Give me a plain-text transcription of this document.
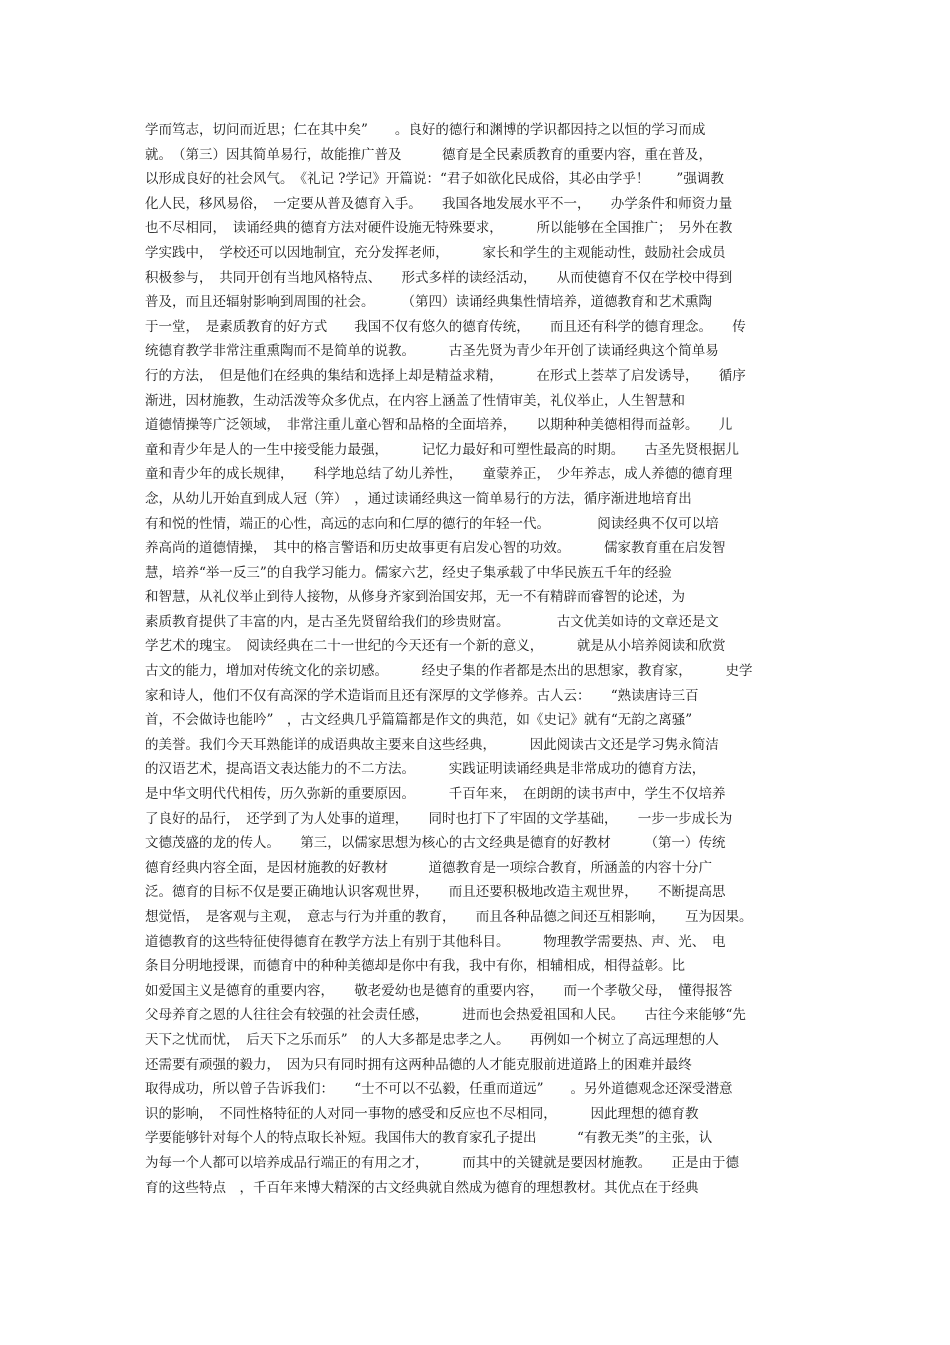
学而笃志，切问而近思；仁在其中矣”　　。良好的德行和渊博的学识都因持之以恒的学习而成
就。　（第三）因其简单易行，故能推广普及　　　德育是全民素质教育的重要内容，重在普及，
以形成良好的社会风气。　《礼记 ?学记》开篇说：“君子如欲化民成俗，其必由学乎！　　”强调教
化人民，移风易俗，　一定要从普及德育入手。　　我国各地发展水平不一，　　办学条件和师资力量
也不尽相同，　读诵经典的德育方法对硬件设施无特殊要求，　　　所以能够在全国推广；　另外在教
学实践中，　学校还可以因地制宜，充分发挥老师，　　　家长和学生的主观能动性，鼓励社会成员
积极参与，　共同开创有当地风格特点、　　形式多样的读经活动，　　从而使德育不仅在学校中得到
普及，而且还辐射影响到周围的社会。　　　（第四）读诵经典集性情培养，道德教育和艺术熏陶
于一堂，　是素质教育的好方式　　我国不仅有悠久的德育传统，　　而且还有科学的德育理念。　　传
统德育教学非常注重熏陶而不是简单的说教。　　　古圣先贤为青少年开创了读诵经典这个简单易
行的方法，　但是他们在经典的集结和选择上却是精益求精，　　　在形式上荟萃了启发诱导，　　循序
渐进，因材施教，生动活泼等众多优点，在内容上涵盖了性情审美，礼仪举止，人生智慧和
道德情操等广泛领域，　非常注重儿童心智和品格的全面培养，　　以期种种美德相得而益彰。　　儿
童和青少年是人的一生中接受能力最强，　　　记忆力最好和可塑性最高的时期。　　古圣先贤根据儿
童和青少年的成长规律，　　科学地总结了幼儿养性，　　童蒙养正，　少年养志，成人养德的德育理
念，从幼儿开始直到成人冠（笄）　，通过读诵经典这一简单易行的方法，循序渐进地培育出
有和悦的性情，端正的心性，高远的志向和仁厚的德行的年轻一代。　　　　阅读经典不仅可以培
养高尚的道德情操，　其中的格言警语和历史故事更有启发心智的功效。　　　儒家教育重在启发智
慧，培养“举一反三”的自我学习能力。儒家六艺，经史子集承载了中华民族五千年的经验
和智慧，从礼仪举止到待人接物，从修身齐家到治国安邦，无一不有精辟而睿智的论述，为
素质教育提供了丰富的内，是古圣先贤留给我们的珍贵财富。　　　　古文优美如诗的文章还是文
学艺术的瑰宝。　阅读经典在二十一世纪的今天还有一个新的意义，　　　就是从小培养阅读和欣赏
古文的能力，增加对传统文化的亲切感。　　　经史子集的作者都是杰出的思想家，教育家，　　　史学
家和诗人，他们不仅有高深的学术造诣而且还有深厚的文学修养。古人云：　　“熟读唐诗三百
首，不会做诗也能吟”　，古文经典几乎篇篇都是作文的典范，如《史记》就有“无韵之离骚”
的美誉。我们今天耳熟能详的成语典故主要来自这些经典，　　　因此阅读古文还是学习隽永简洁
的汉语艺术，提高语文表达能力的不二方法。　　　实践证明读诵经典是非常成功的德育方法，
是中华文明代代相传，历久弥新的重要原因。　　　千百年来，　在朗朗的读书声中，学生不仅培养
了良好的品行，　还学到了为人处事的道理，　　同时也打下了牢固的文学基础，　　一步一步成长为
文德茂盛的龙的传人。　　第三，以儒家思想为核心的古文经典是德育的好教材　　　（第一）传统
德育经典内容全面，是因材施教的好教材　　　道德教育是一项综合教育，所涵盖的内容十分广
泛。德育的目标不仅是要正确地认识客观世界，　　而且还要积极地改造主观世界，　　不断提高思
想觉悟，　是客观与主观，　意志与行为并重的教育，　　而且各种品德之间还互相影响，　　互为因果。
道德教育的这些特征使得德育在教学方法上有别于其他科目。　　　物理教学需要热、声、光、　电
条目分明地授课，而德育中的种种美德却是你中有我，我中有你，相辅相成，相得益彰。比
如爱国主义是德育的重要内容，　　敬老爱幼也是德育的重要内容，　　而一个孝敬父母，　懂得报答
父母养育之恩的人往往会有较强的社会责任感，　　　进而也会热爱祖国和人民。　　古往今来能够“先
天下之忧而忧，　后天下之乐而乐”　的人大多都是忠孝之人。　　再例如一个树立了高远理想的人
还需要有顽强的毅力，　因为只有同时拥有这两种品德的人才能克服前进道路上的困难并最终
取得成功，所以曾子告诉我们：　　“士不可以不弘毅，任重而道远”　　。另外道德观念还深受潜意
识的影响，　不同性格特征的人对同一事物的感受和反应也不尽相同，　　　因此理想的德育教
学要能够针对每个人的特点取长补短。我国伟大的教育家孔子提出　　　“有教无类”的主张，认
为每一个人都可以培养成品行端正的有用之才，　　　而其中的关键就是要因材施教。　　正是由于德
育的这些特点　，千百年来博大精深的古文经典就自然成为德育的理想教材。其优点在于经典
